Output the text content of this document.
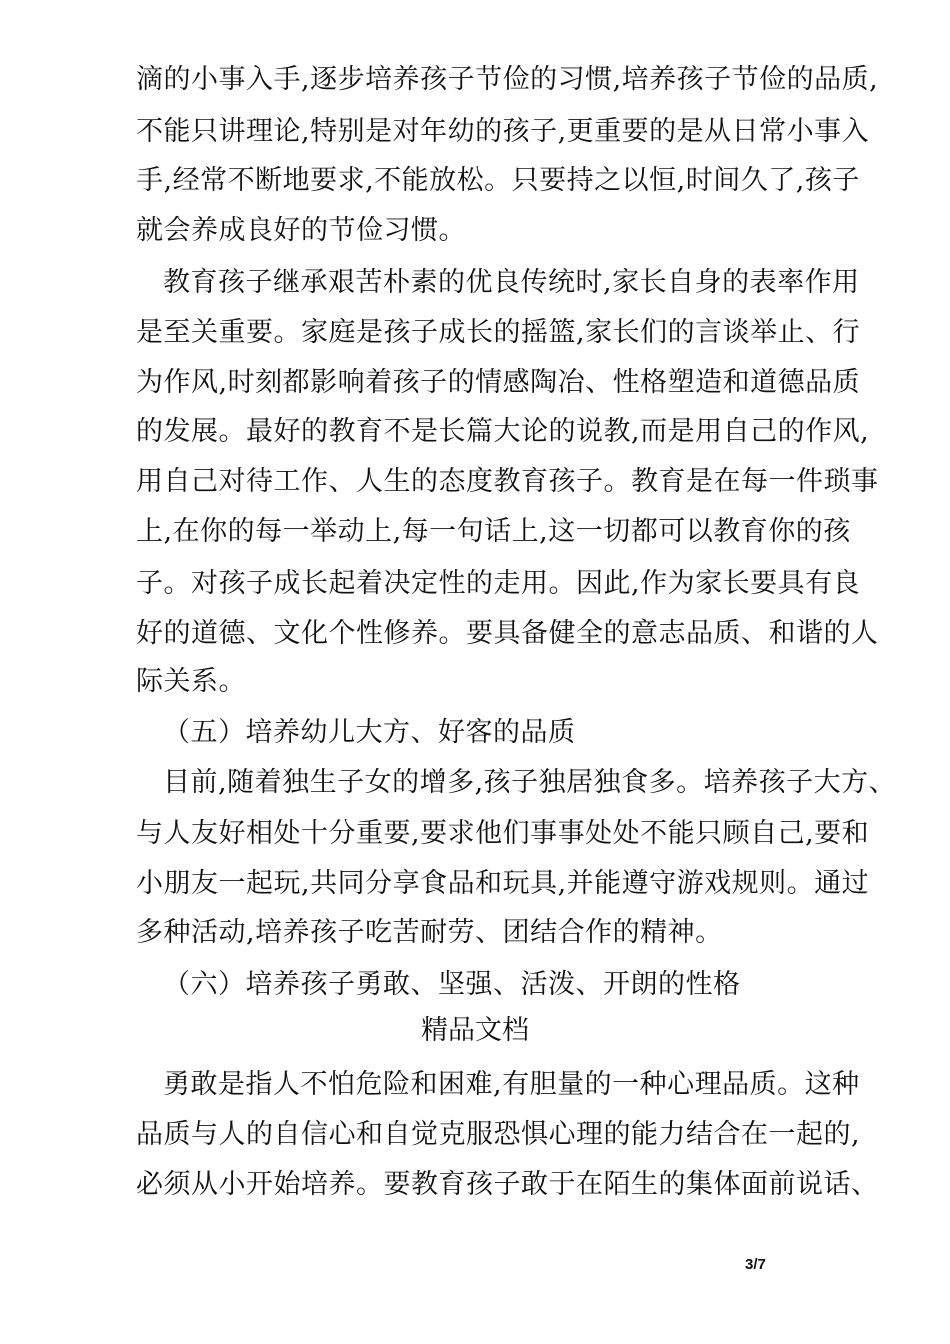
滴的小事入手,逐步培养孩子节俭的习惯,培养孩子节俭的品质,
不能只讲理论,特别是对年幼的孩子,更重要的是从日常小事入
手,经常不断地要求,不能放松。只要持之以恒,时间久了,孩子
就会养成良好的节俭习惯。
教育孩子继承艰苦朴素的优良传统时,家长自身的表率作用
是至关重要。家庭是孩子成长的摇篮,家长们的言谈举止、行
为作风,时刻都影响着孩子的情感陶冶、性格塑造和道德品质
的发展。最好的教育不是长篇大论的说教,而是用自己的作风,
用自己对待工作、人生的态度教育孩子。教育是在每一件琐事
上,在你的每一举动上,每一句话上,这一切都可以教育你的孩
子。对孩子成长起着决定性的走用。因此,作为家长要具有良
好的道德、文化个性修养。要具备健全的意志品质、和谐的人
际关系。
（五）培养幼儿大方、好客的品质
目前,随着独生子女的增多,孩子独居独食多。培养孩子大方、
与人友好相处十分重要,要求他们事事处处不能只顾自己,要和
小朋友一起玩,共同分享食品和玩具,并能遵守游戏规则。通过
多种活动,培养孩子吃苦耐劳、团结合作的精神。
（六）培养孩子勇敢、坚强、活泼、开朗的性格
精品文档
勇敢是指人不怕危险和困难,有胆量的一种心理品质。这种
品质与人的自信心和自觉克服恐惧心理的能力结合在一起的,
必须从小开始培养。要教育孩子敢于在陌生的集体面前说话、
3/7
